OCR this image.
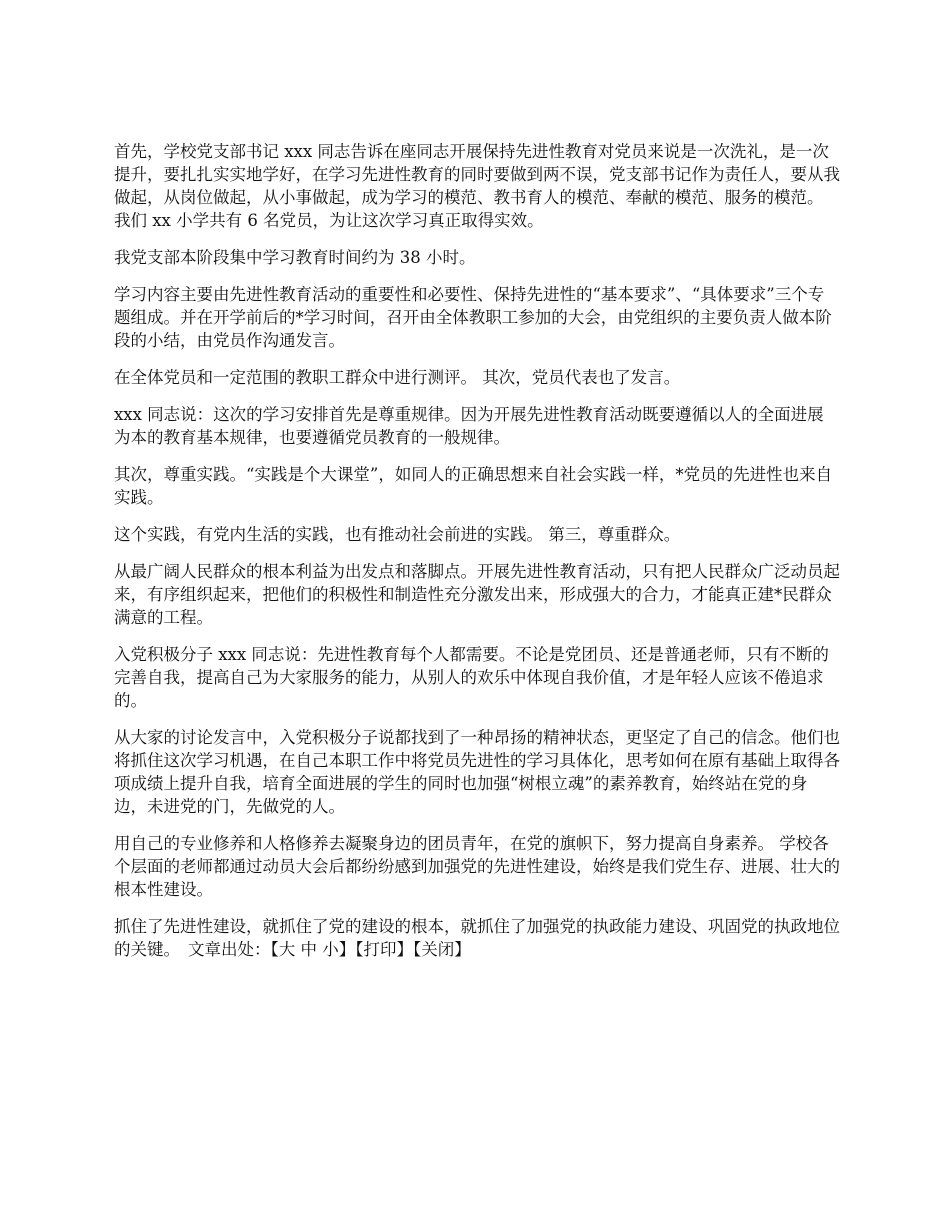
首先，学校党支部书记 xxx 同志告诉在座同志开展保持先进性教育对党员来说是一次洗礼，是一次提升，要扎扎实实地学好，在学习先进性教育的同时要做到两不误，党支部书记作为责任人，要从我做起，从岗位做起，从小事做起，成为学习的模范、教书育人的模范、奉献的模范、服务的模范。 我们 xx 小学共有 6 名党员，为让这次学习真正取得实效。

我党支部本阶段集中学习教育时间约为 38 小时。

学习内容主要由先进性教育活动的重要性和必要性、保持先进性的“基本要求”、“具体要求”三个专题组成。并在开学前后的*学习时间，召开由全体教职工参加的大会，由党组织的主要负责人做本阶段的小结，由党员作沟通发言。

在全体党员和一定范围的教职工群众中进行测评。 其次，党员代表也了发言。

xxx 同志说：这次的学习安排首先是尊重规律。因为开展先进性教育活动既要遵循以人的全面进展为本的教育基本规律，也要遵循党员教育的一般规律。

其次，尊重实践。“实践是个大课堂”，如同人的正确思想来自社会实践一样，*党员的先进性也来自实践。

这个实践，有党内生活的实践，也有推动社会前进的实践。 第三，尊重群众。

从最广阔人民群众的根本利益为出发点和落脚点。开展先进性教育活动，只有把人民群众广泛动员起来，有序组织起来，把他们的积极性和制造性充分激发出来，形成强大的合力，才能真正建*民群众满意的工程。

入党积极分子 xxx 同志说：先进性教育每个人都需要。不论是党团员、还是普通老师，只有不断的完善自我，提高自己为大家服务的能力，从别人的欢乐中体现自我价值，才是年轻人应该不倦追求的。

从大家的讨论发言中，入党积极分子说都找到了一种昂扬的精神状态，更坚定了自己的信念。他们也将抓住这次学习机遇，在自己本职工作中将党员先进性的学习具体化，思考如何在原有基础上取得各项成绩上提升自我，培育全面进展的学生的同时也加强“树根立魂”的素养教育，始终站在党的身边，未进党的门，先做党的人。

用自己的专业修养和人格修养去凝聚身边的团员青年，在党的旗帜下，努力提高自身素养。 学校各个层面的老师都通过动员大会后都纷纷感到加强党的先进性建设，始终是我们党生存、进展、壮大的根本性建设。

抓住了先进性建设，就抓住了党的建设的根本，就抓住了加强党的执政能力建设、巩固党的执政地位的关键。 文章出处：【大 中 小】【打印】【关闭】
